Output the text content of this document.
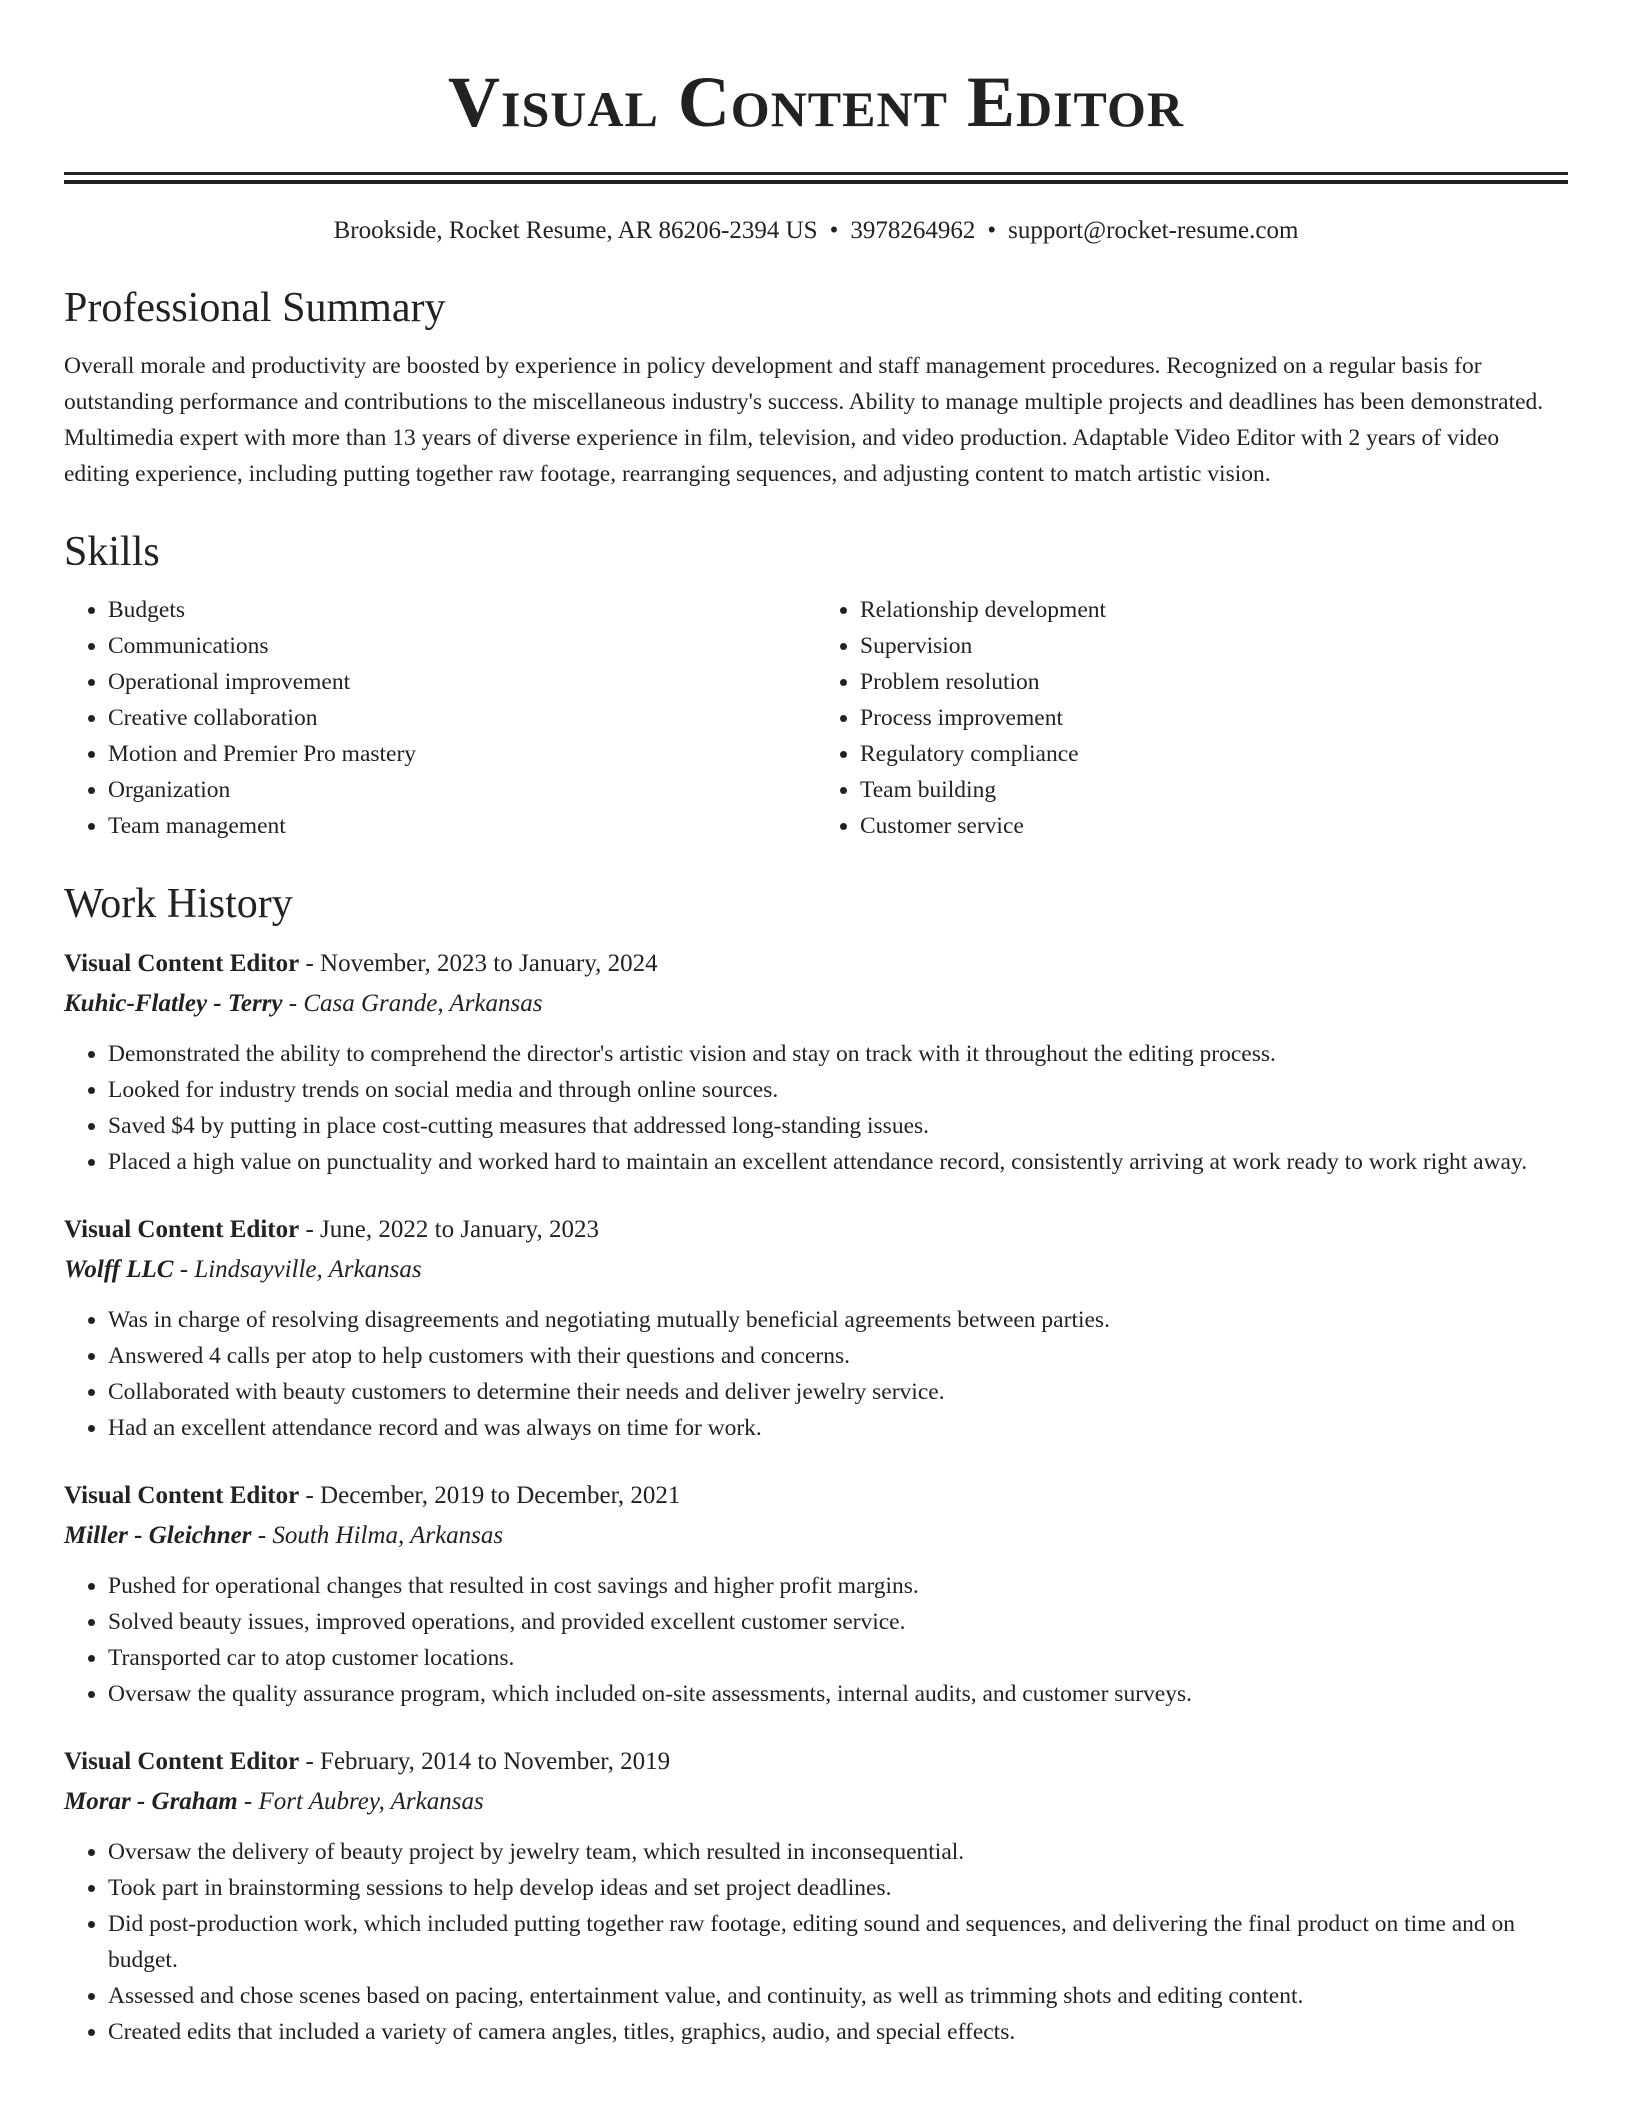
Visual Content Editor
Brookside, Rocket Resume, AR 86206-2394 US • 3978264962 • support@rocket-resume.com
Professional Summary

Overall morale and productivity are boosted by experience in policy development and staff management procedures. Recognized on a regular basis for outstanding performance and contributions to the miscellaneous industry's success. Ability to manage multiple projects and deadlines has been demonstrated. Multimedia expert with more than 13 years of diverse experience in film, television, and video production. Adaptable Video Editor with 2 years of video editing experience, including putting together raw footage, rearranging sequences, and adjusting content to match artistic vision.

Skills
• Budgets
• Communications
• Operational improvement
• Creative collaboration
• Motion and Premier Pro mastery
• Organization
• Team management
• Relationship development
• Supervision
• Problem resolution
• Process improvement
• Regulatory compliance
• Team building
• Customer service
Work History
Visual Content Editor - November, 2023 to January, 2024
Kuhic-Flatley - Terry - Casa Grande, Arkansas
• Demonstrated the ability to comprehend the director's artistic vision and stay on track with it throughout the editing process.
• Looked for industry trends on social media and through online sources.
• Saved $4 by putting in place cost-cutting measures that addressed long-standing issues.
• Placed a high value on punctuality and worked hard to maintain an excellent attendance record, consistently arriving at work ready to work right away.
Visual Content Editor - June, 2022 to January, 2023
Wolff LLC - Lindsayville, Arkansas
• Was in charge of resolving disagreements and negotiating mutually beneficial agreements between parties.
• Answered 4 calls per atop to help customers with their questions and concerns.
• Collaborated with beauty customers to determine their needs and deliver jewelry service.
• Had an excellent attendance record and was always on time for work.
Visual Content Editor - December, 2019 to December, 2021
Miller - Gleichner - South Hilma, Arkansas
• Pushed for operational changes that resulted in cost savings and higher profit margins.
• Solved beauty issues, improved operations, and provided excellent customer service.
• Transported car to atop customer locations.
• Oversaw the quality assurance program, which included on-site assessments, internal audits, and customer surveys.
Visual Content Editor - February, 2014 to November, 2019
Morar - Graham - Fort Aubrey, Arkansas
• Oversaw the delivery of beauty project by jewelry team, which resulted in inconsequential.
• Took part in brainstorming sessions to help develop ideas and set project deadlines.
• Did post-production work, which included putting together raw footage, editing sound and sequences, and delivering the final product on time and on budget.
• Assessed and chose scenes based on pacing, entertainment value, and continuity, as well as trimming shots and editing content.
• Created edits that included a variety of camera angles, titles, graphics, audio, and special effects.
